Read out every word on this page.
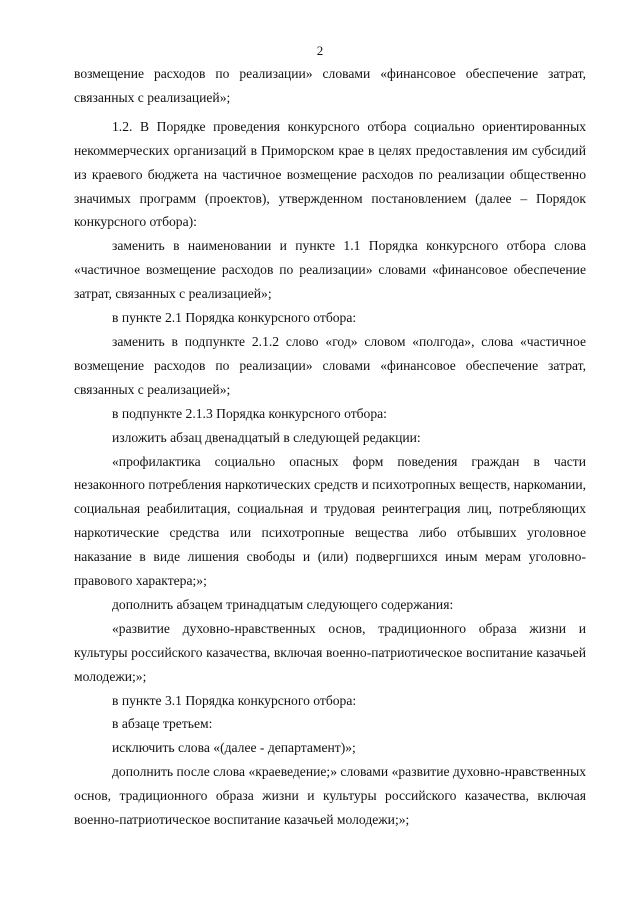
2

возмещение расходов по реализации» словами «финансовое обеспечение затрат, связанных с реализацией»;

1.2. В Порядке проведения конкурсного отбора социально ориентированных некоммерческих организаций в Приморском крае в целях предоставления им субсидий из краевого бюджета на частичное возмещение расходов по реализации общественно значимых программ (проектов), утвержденном постановлением (далее – Порядок конкурсного отбора):

заменить в наименовании и пункте 1.1 Порядка конкурсного отбора слова «частичное возмещение расходов по реализации» словами «финансовое обеспечение затрат, связанных с реализацией»;

в пункте 2.1 Порядка конкурсного отбора:

заменить в подпункте 2.1.2 слово «год» словом «полгода», слова «частичное возмещение расходов по реализации» словами «финансовое обеспечение затрат, связанных с реализацией»;

в подпункте 2.1.3 Порядка конкурсного отбора:

изложить абзац двенадцатый в следующей редакции:

«профилактика социально опасных форм поведения граждан в части незаконного потребления наркотических средств и психотропных веществ, наркомании, социальная реабилитация, социальная и трудовая реинтеграция лиц, потребляющих наркотические средства или психотропные вещества либо отбывших уголовное наказание в виде лишения свободы и (или) подвергшихся иным мерам уголовно-правового характера;»;

дополнить абзацем тринадцатым следующего содержания:

«развитие духовно-нравственных основ, традиционного образа жизни и культуры российского казачества, включая военно-патриотическое воспитание казачьей молодежи;»;

в пункте 3.1 Порядка конкурсного отбора:

в абзаце третьем:

исключить слова «(далее - департамент)»;

дополнить после слова «краеведение;» словами «развитие духовно-нравственных основ, традиционного образа жизни и культуры российского казачества, включая военно-патриотическое воспитание казачьей молодежи;»;
